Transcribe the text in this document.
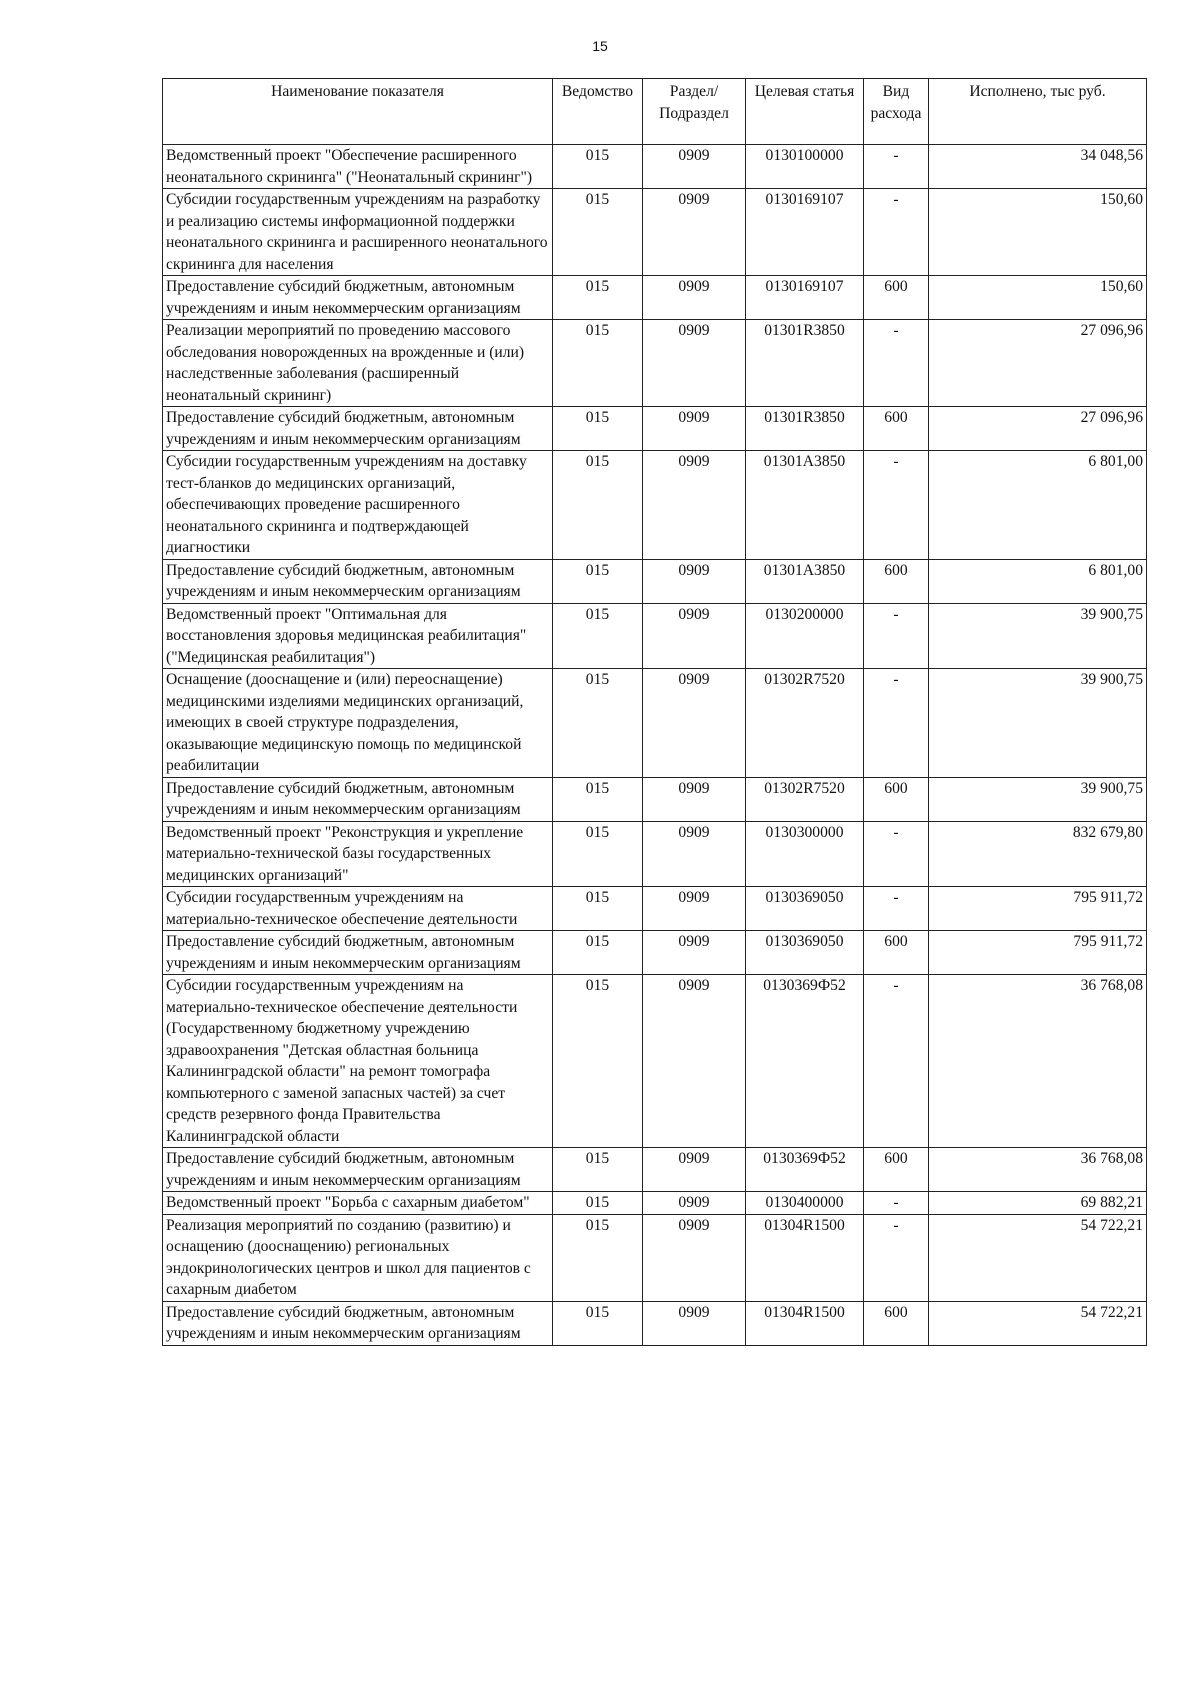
15
Наименование показателя	Ведомство	Раздел/ Подраздел	Целевая статья	Вид расхода	Исполнено, тыс руб.
Ведомственный проект "Обеспечение расширенного неонатального скрининга" ("Неонатальный скрининг")	015	0909	0130100000	-	34 048,56
Субсидии государственным учреждениям на разработку и реализацию системы информационной поддержки неонатального скрининга и расширенного неонатального скрининга для населения	015	0909	0130169107	-	150,60
Предоставление субсидий бюджетным, автономным учреждениям и иным некоммерческим организациям	015	0909	0130169107	600	150,60
Реализации мероприятий по проведению массового обследования новорожденных на врожденные и (или) наследственные заболевания (расширенный неонатальный скрининг)	015	0909	01301R3850	-	27 096,96
Предоставление субсидий бюджетным, автономным учреждениям и иным некоммерческим организациям	015	0909	01301R3850	600	27 096,96
Субсидии государственным учреждениям на доставку тест-бланков до медицинских организаций, обеспечивающих проведение расширенного неонатального скрининга и подтверждающей диагностики	015	0909	01301А3850	-	6 801,00
Предоставление субсидий бюджетным, автономным учреждениям и иным некоммерческим организациям	015	0909	01301А3850	600	6 801,00
Ведомственный проект "Оптимальная для восстановления здоровья медицинская реабилитация" ("Медицинская реабилитация")	015	0909	0130200000	-	39 900,75
Оснащение (дооснащение и (или) переоснащение) медицинскими изделиями медицинских организаций, имеющих в своей структуре подразделения, оказывающие медицинскую помощь по медицинской реабилитации	015	0909	01302R7520	-	39 900,75
Предоставление субсидий бюджетным, автономным учреждениям и иным некоммерческим организациям	015	0909	01302R7520	600	39 900,75
Ведомственный проект "Реконструкция и укрепление материально-технической базы государственных медицинских организаций"	015	0909	0130300000	-	832 679,80
Субсидии государственным учреждениям на материально-техническое обеспечение деятельности	015	0909	0130369050	-	795 911,72
Предоставление субсидий бюджетным, автономным учреждениям и иным некоммерческим организациям	015	0909	0130369050	600	795 911,72
Субсидии государственным учреждениям на материально-техническое обеспечение деятельности (Государственному бюджетному учреждению здравоохранения "Детская областная больница Калининградской области" на ремонт томографа компьютерного с заменой запасных частей) за счет средств резервного фонда Правительства Калининградской области	015	0909	0130369Ф52	-	36 768,08
Предоставление субсидий бюджетным, автономным учреждениям и иным некоммерческим организациям	015	0909	0130369Ф52	600	36 768,08
Ведомственный проект "Борьба с сахарным диабетом"	015	0909	0130400000	-	69 882,21
Реализация мероприятий по созданию (развитию) и оснащению (дооснащению) региональных эндокринологических центров и школ для пациентов с сахарным диабетом	015	0909	01304R1500	-	54 722,21
Предоставление субсидий бюджетным, автономным учреждениям и иным некоммерческим организациям	015	0909	01304R1500	600	54 722,21
